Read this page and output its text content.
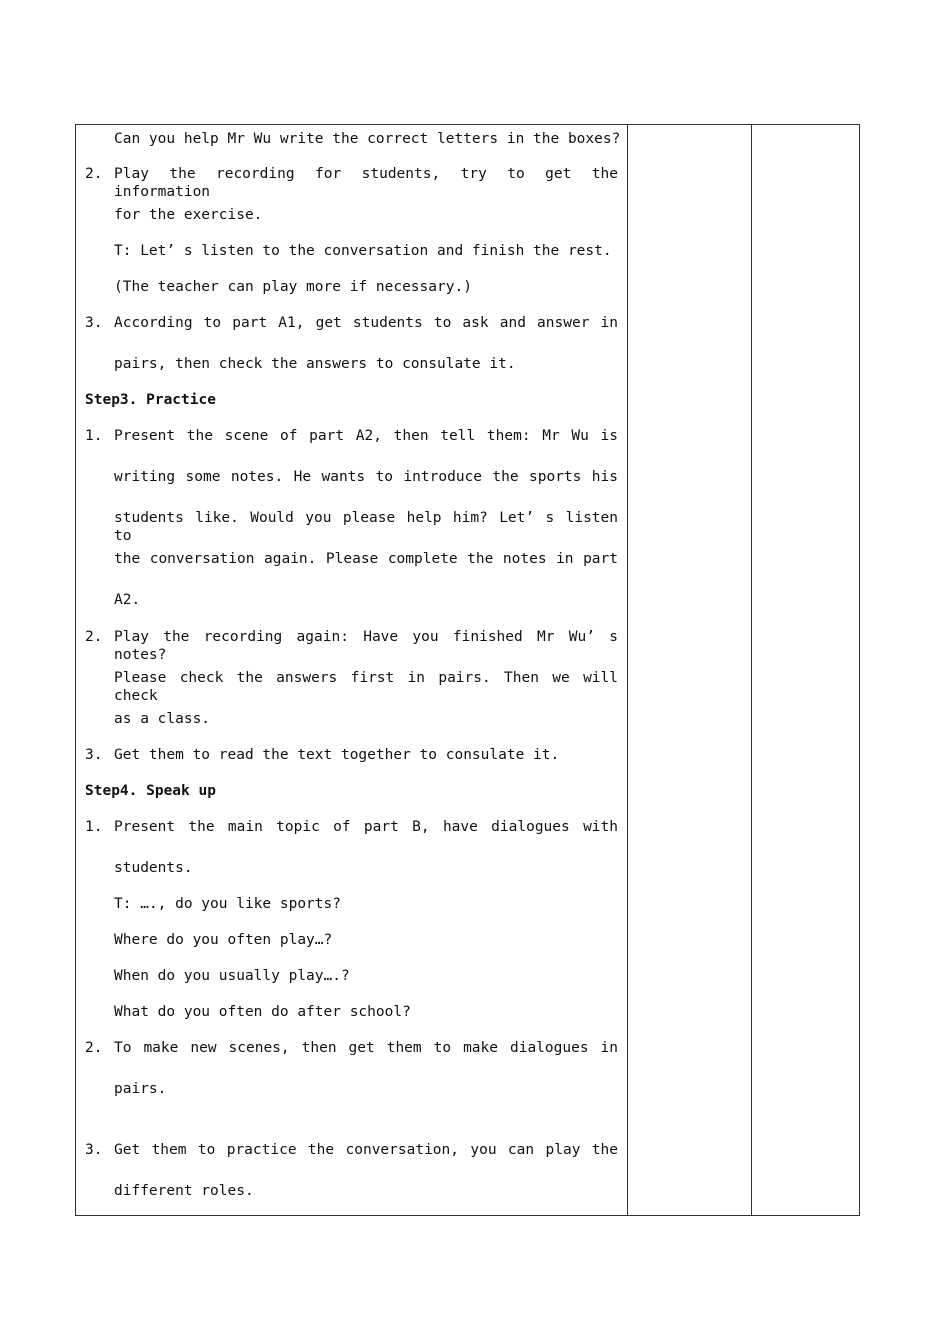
Can you help Mr Wu write the correct letters in the boxes?
2. Play the recording for students, try to get the information
for the exercise.
T: Let’ s listen to the conversation and finish the rest.
(The teacher can play more if necessary.)
3. According to part A1, get students to ask and answer in
pairs, then check the answers to consulate it.
Step3. Practice
1. Present the scene of part A2, then tell them: Mr Wu is
writing some notes. He wants to introduce the sports his
students like. Would you please help him? Let’ s listen to
the conversation again. Please complete the notes in part
A2.
2. Play the recording again: Have you finished Mr Wu’ s notes?
Please check the answers first in pairs. Then we will check
as a class.
3. Get them to read the text together to consulate it.
Step4. Speak up
1. Present the main topic of part B, have dialogues with
students.
T: …., do you like sports?
Where do you often play…?
When do you usually play….?
What do you often do after school?
2. To make new scenes, then get them to make dialogues in
pairs.
3. Get them to practice the conversation, you can play the
different roles.
